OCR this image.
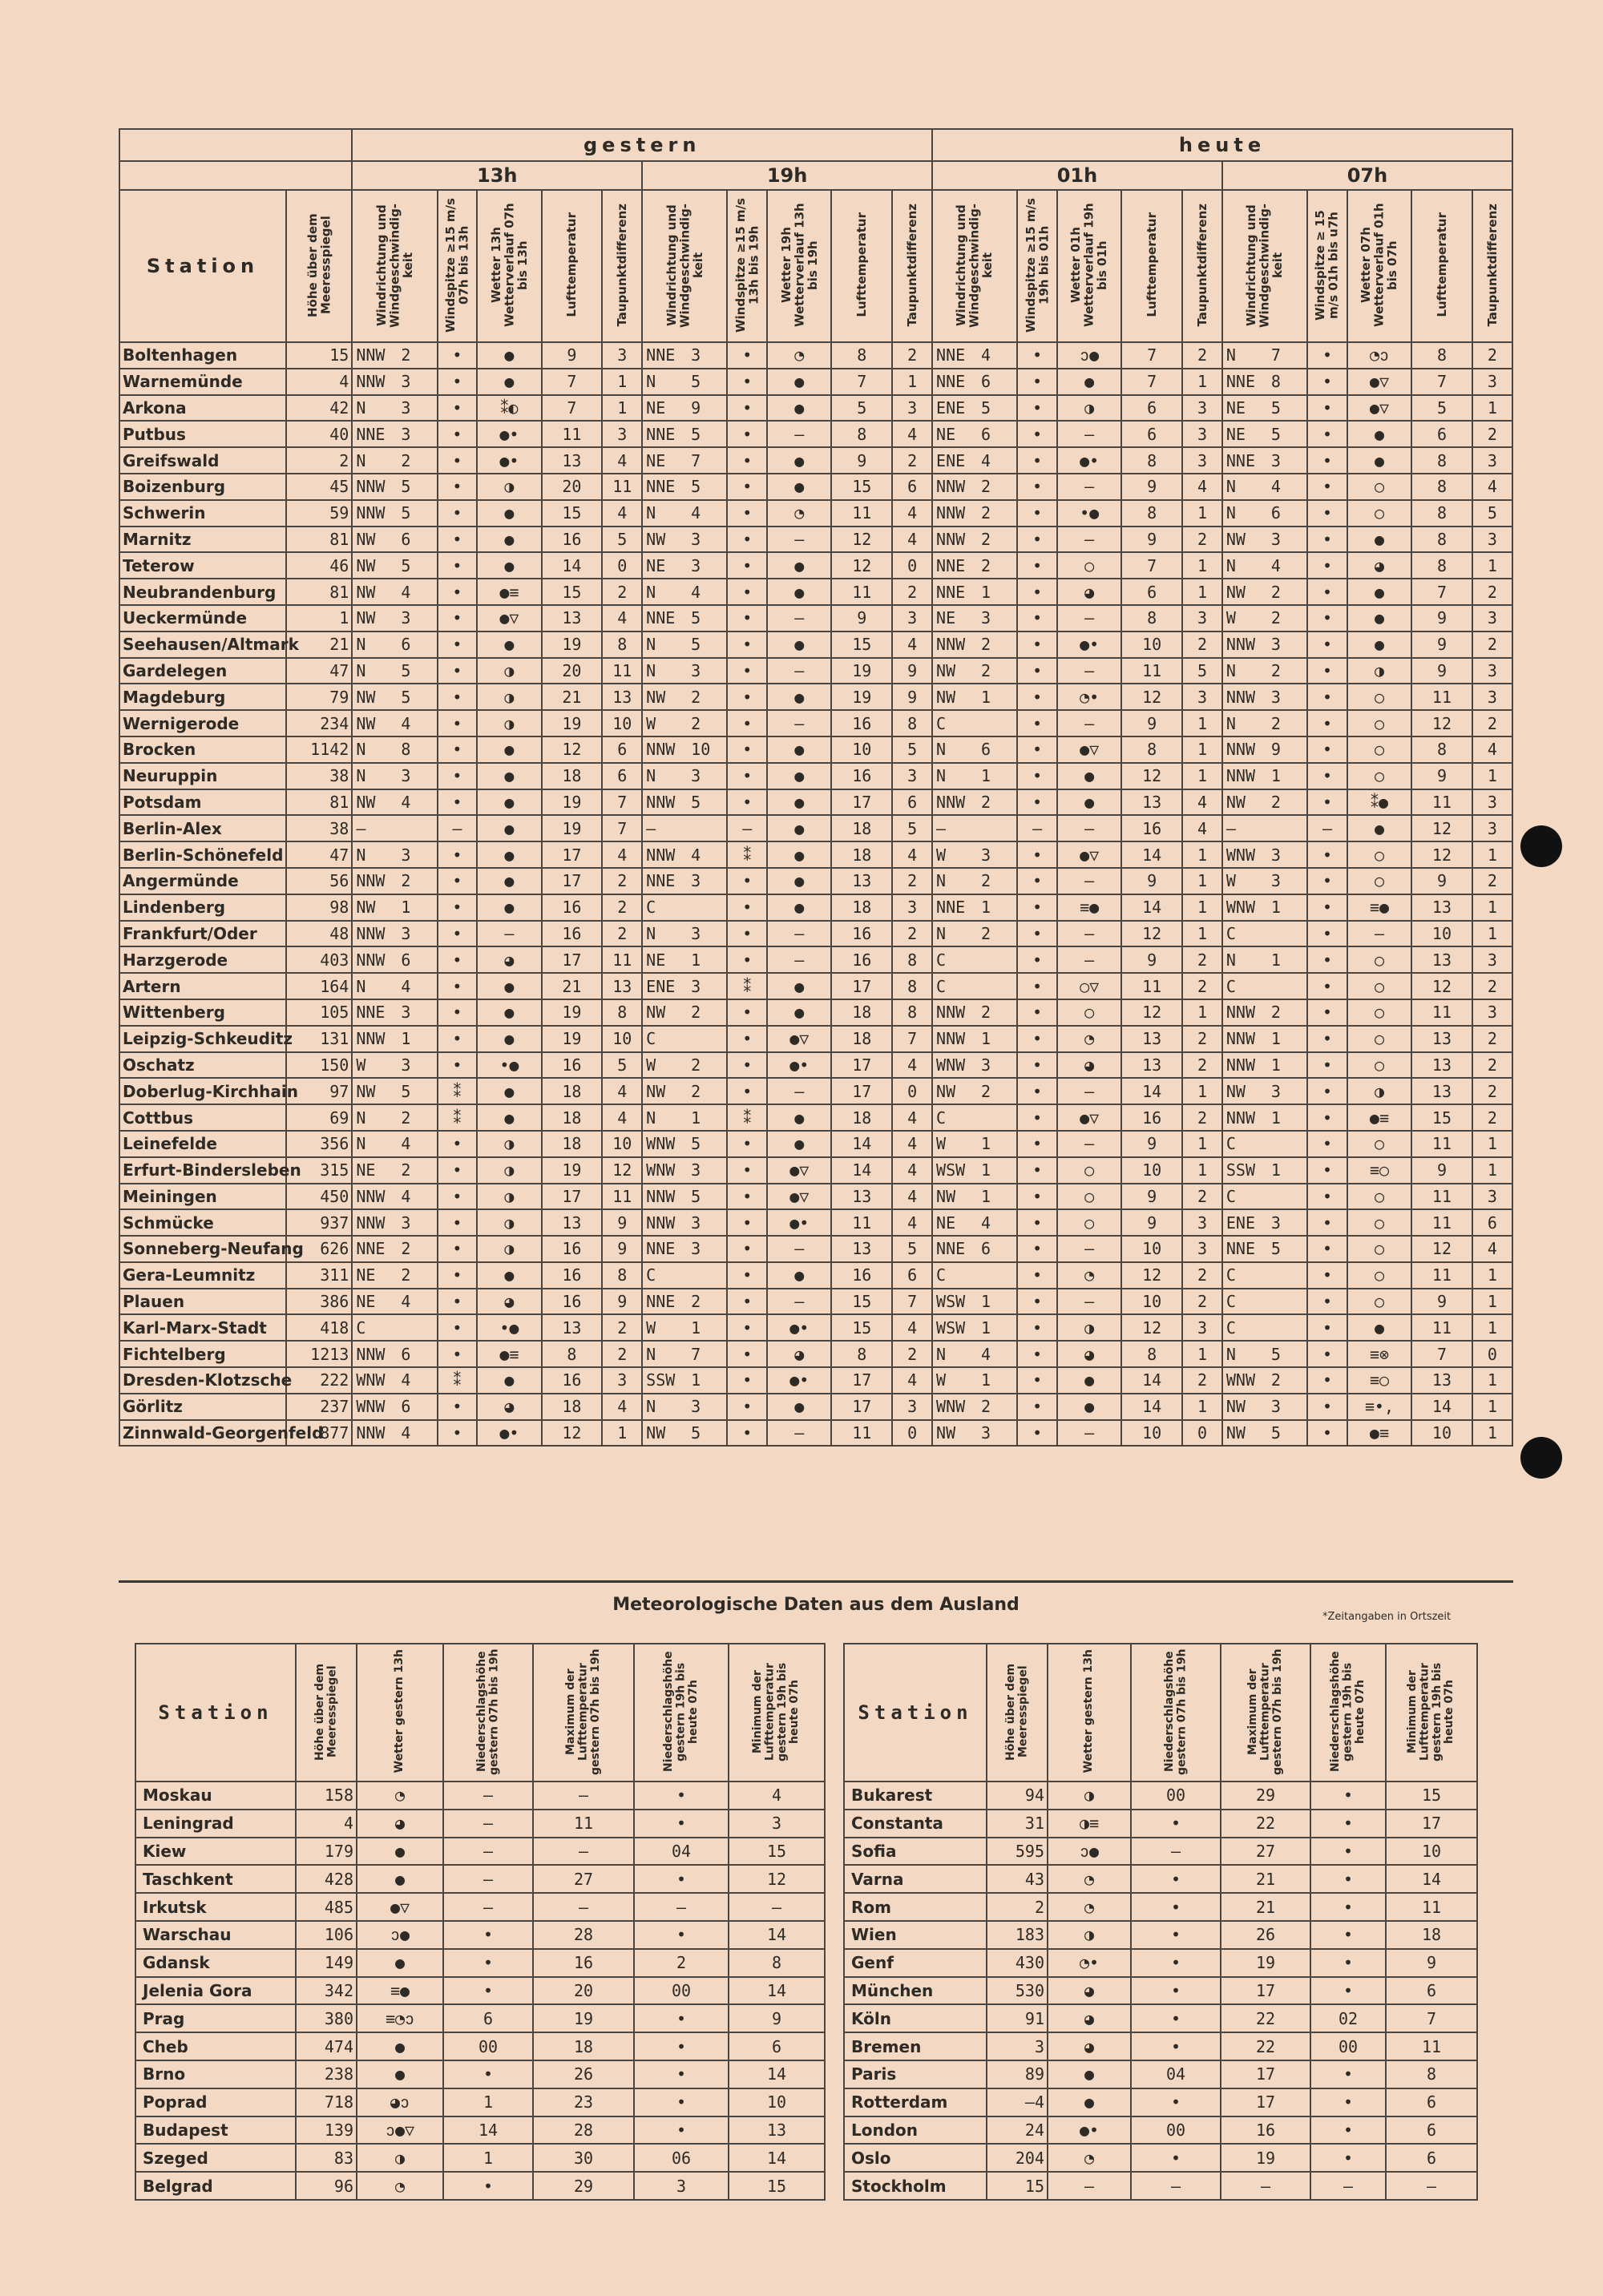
		gestern										heute									
		13h					19h					01h					07h				
Station	Höhe über dem Meeresspiegel	Windrichtung und Windgeschwindig-keit	Windspitze ≥15 m/s 07h bis 13h	Wetter 13h Wetterverlauf 07h bis 13h	Lufttemperatur	Taupunktdifferenz	Windrichtung und Windgeschwindig-keit	Windspitze ≥15 m/s 13h bis 19h	Wetter 19h Wetterverlauf 13h bis 19h	Lufttemperatur	Taupunktdifferenz	Windrichtung und Windgeschwindig-keit	Windspitze ≥15 m/s 19h bis 01h	Wetter 01h Wetterverlauf 19h bis 01h	Lufttemperatur	Taupunktdifferenz	Windrichtung und Windgeschwindig-keit	Windspitze ≥ 15 m/s 01h bis u7h	Wetter 07h Wetterverlauf 01h bis 07h	Lufttemperatur	Taupunktdifferenz
Boltenhagen	15	NNW 2	•	●	9	3	NNE 3	•	◔	8	2	NNE 4	•	ↄ●	7	2	N 7	•	◔ↄ	8	2
Warnemünde	4	NNW 3	•	●	7	1	N 5	•	●	7	1	NNE 6	•	●	7	1	NNE 8	•	●▽	7	3
Arkona	42	N 3	•	⁑◐	7	1	NE 9	•	●	5	3	ENE 5	•	◑	6	3	NE 5	•	●▽	5	1
Putbus	40	NNE 3	•	●•	11	3	NNE 5	•	–	8	4	NE 6	•	–	6	3	NE 5	•	●	6	2
Greifswald	2	N 2	•	●•	13	4	NE 7	•	●	9	2	ENE 4	•	●•	8	3	NNE 3	•	●	8	3
Boizenburg	45	NNW 5	•	◑	20	11	NNE 5	•	●	15	6	NNW 2	•	–	9	4	N 4	•	○	8	4
Schwerin	59	NNW 5	•	●	15	4	N 4	•	◔	11	4	NNW 2	•	•●	8	1	N 6	•	○	8	5
Marnitz	81	NW 6	•	●	16	5	NW 3	•	–	12	4	NNW 2	•	–	9	2	NW 3	•	●	8	3
Teterow	46	NW 5	•	●	14	0	NE 3	•	●	12	0	NNE 2	•	○	7	1	N 4	•	◕	8	1
Neubrandenburg	81	NW 4	•	●≡	15	2	N 4	•	●	11	2	NNE 1	•	◕	6	1	NW 2	•	●	7	2
Ueckermünde	1	NW 3	•	●▽	13	4	NNE 5	•	–	9	3	NE 3	•	–	8	3	W 2	•	●	9	3
Seehausen/Altmark	21	N 6	•	●	19	8	N 5	•	●	15	4	NNW 2	•	●•	10	2	NNW 3	•	●	9	2
Gardelegen	47	N 5	•	◑	20	11	N 3	•	–	19	9	NW 2	•	–	11	5	N 2	•	◑	9	3
Magdeburg	79	NW 5	•	◑	21	13	NW 2	•	●	19	9	NW 1	•	◔•	12	3	NNW 3	•	○	11	3
Wernigerode	234	NW 4	•	◑	19	10	W 2	•	–	16	8	C	•	–	9	1	N 2	•	○	12	2
Brocken	1142	N 8	•	●	12	6	NNW 10	•	●	10	5	N 6	•	●▽	8	1	NNW 9	•	○	8	4
Neuruppin	38	N 3	•	●	18	6	N 3	•	●	16	3	N 1	•	●	12	1	NNW 1	•	○	9	1
Potsdam	81	NW 4	•	●	19	7	NNW 5	•	●	17	6	NNW 2	•	●	13	4	NW 2	•	⁑●	11	3
Berlin-Alex	38	–	–	●	19	7	–	–	●	18	5	–	–	–	16	4	–	–	●	12	3
Berlin-Schönefeld	47	N 3	•	●	17	4	NNW 4	⁑	●	18	4	W 3	•	●▽	14	1	WNW 3	•	○	12	1
Angermünde	56	NNW 2	•	●	17	2	NNE 3	•	●	13	2	N 2	•	–	9	1	W 3	•	○	9	2
Lindenberg	98	NW 1	•	●	16	2	C	•	●	18	3	NNE 1	•	≡●	14	1	WNW 1	•	≡●	13	1
Frankfurt/Oder	48	NNW 3	•	–	16	2	N 3	•	–	16	2	N 2	•	–	12	1	C	•	–	10	1
Harzgerode	403	NNW 6	•	◕	17	11	NE 1	•	–	16	8	C	•	–	9	2	N 1	•	○	13	3
Artern	164	N 4	•	●	21	13	ENE 3	⁑	●	17	8	C	•	○▽	11	2	C	•	○	12	2
Wittenberg	105	NNE 3	•	●	19	8	NW 2	•	●	18	8	NNW 2	•	○	12	1	NNW 2	•	○	11	3
Leipzig-Schkeuditz	131	NNW 1	•	●	19	10	C	•	●▽	18	7	NNW 1	•	◔	13	2	NNW 1	•	○	13	2
Oschatz	150	W 3	•	•●	16	5	W 2	•	●•	17	4	WNW 3	•	◕	13	2	NNW 1	•	○	13	2
Doberlug-Kirchhain	97	NW 5	⁑	●	18	4	NW 2	•	–	17	0	NW 2	•	–	14	1	NW 3	•	◑	13	2
Cottbus	69	N 2	⁑	●	18	4	N 1	⁑	●	18	4	C	•	●▽	16	2	NNW 1	•	●≡	15	2
Leinefelde	356	N 4	•	◑	18	10	WNW 5	•	●	14	4	W 1	•	–	9	1	C	•	○	11	1
Erfurt-Bindersleben	315	NE 2	•	◑	19	12	WNW 3	•	●▽	14	4	WSW 1	•	○	10	1	SSW 1	•	≡○	9	1
Meiningen	450	NNW 4	•	◑	17	11	NNW 5	•	●▽	13	4	NW 1	•	○	9	2	C	•	○	11	3
Schmücke	937	NNW 3	•	◑	13	9	NNW 3	•	●•	11	4	NE 4	•	○	9	3	ENE 3	•	○	11	6
Sonneberg-Neufang	626	NNE 2	•	◑	16	9	NNE 3	•	–	13	5	NNE 6	•	–	10	3	NNE 5	•	○	12	4
Gera-Leumnitz	311	NE 2	•	●	16	8	C	•	●	16	6	C	•	◔	12	2	C	•	○	11	1
Plauen	386	NE 4	•	◕	16	9	NNE 2	•	–	15	7	WSW 1	•	–	10	2	C	•	○	9	1
Karl-Marx-Stadt	418	C	•	•●	13	2	W 1	•	●•	15	4	WSW 1	•	◑	12	3	C	•	●	11	1
Fichtelberg	1213	NNW 6	•	●≡	8	2	N 7	•	◕	8	2	N 4	•	◕	8	1	N 5	•	≡⊗	7	0
Dresden-Klotzsche	222	WNW 4	⁑	●	16	3	SSW 1	•	●•	17	4	W 1	•	●	14	2	WNW 2	•	≡○	13	1
Görlitz	237	WNW 6	•	◕	18	4	N 3	•	●	17	3	WNW 2	•	●	14	1	NW 3	•	≡•,	14	1
Zinnwald-Georgenfeld	877	NNW 4	•	●•	12	1	NW 5	•	–	11	0	NW 3	•	–	10	0	NW 5	•	●≡	10	1
Meteorologische Daten aus dem Ausland
*Zeitangaben in Ortszeit
Station	Höhe über dem Meeresspiegel	Wetter gestern 13h	Niederschlagshöhe gestern 07h bis 19h	Maximum der Lufttemperatur gestern 07h bis 19h	Niederschlagshöhe gestern 19h bis heute 07h	Minimum der Lufttemperatur gestern 19h bis heute 07h
Moskau	158	◔	–	–	•	4
Leningrad	4	◕	–	11	•	3
Kiew	179	●	–	–	04	15
Taschkent	428	●	–	27	•	12
Irkutsk	485	●▽	–	–	–	–
Warschau	106	ↄ●	•	28	•	14
Gdansk	149	●	•	16	2	8
Jelenia Gora	342	≡●	•	20	00	14
Prag	380	≡◔ↄ	6	19	•	9
Cheb	474	●	00	18	•	6
Brno	238	●	•	26	•	14
Poprad	718	◕ↄ	1	23	•	10
Budapest	139	ↄ●▽	14	28	•	13
Szeged	83	◑	1	30	06	14
Belgrad	96	◔	•	29	3	15
Station	Höhe über dem Meeresspiegel	Wetter gestern 13h	Niederschlagshöhe gestern 07h bis 19h	Maximum der Lufttemperatur gestern 07h bis 19h	Niederschlagshöhe gestern 19h bis heute 07h	Minimum der Lufttemperatur gestern 19h bis heute 07h
Bukarest	94	◑	00	29	•	15
Constanta	31	◑≡	•	22	•	17
Sofia	595	ↄ●	–	27	•	10
Varna	43	◔	•	21	•	14
Rom	2	◔	•	21	•	11
Wien	183	◑	•	26	•	18
Genf	430	◔•	•	19	•	9
München	530	◕	•	17	•	6
Köln	91	◕	•	22	02	7
Bremen	3	◕	•	22	00	11
Paris	89	●	04	17	•	8
Rotterdam	–4	●	•	17	•	6
London	24	●•	00	16	•	6
Oslo	204	◔	•	19	•	6
Stockholm	15	–	–	–	–	–
